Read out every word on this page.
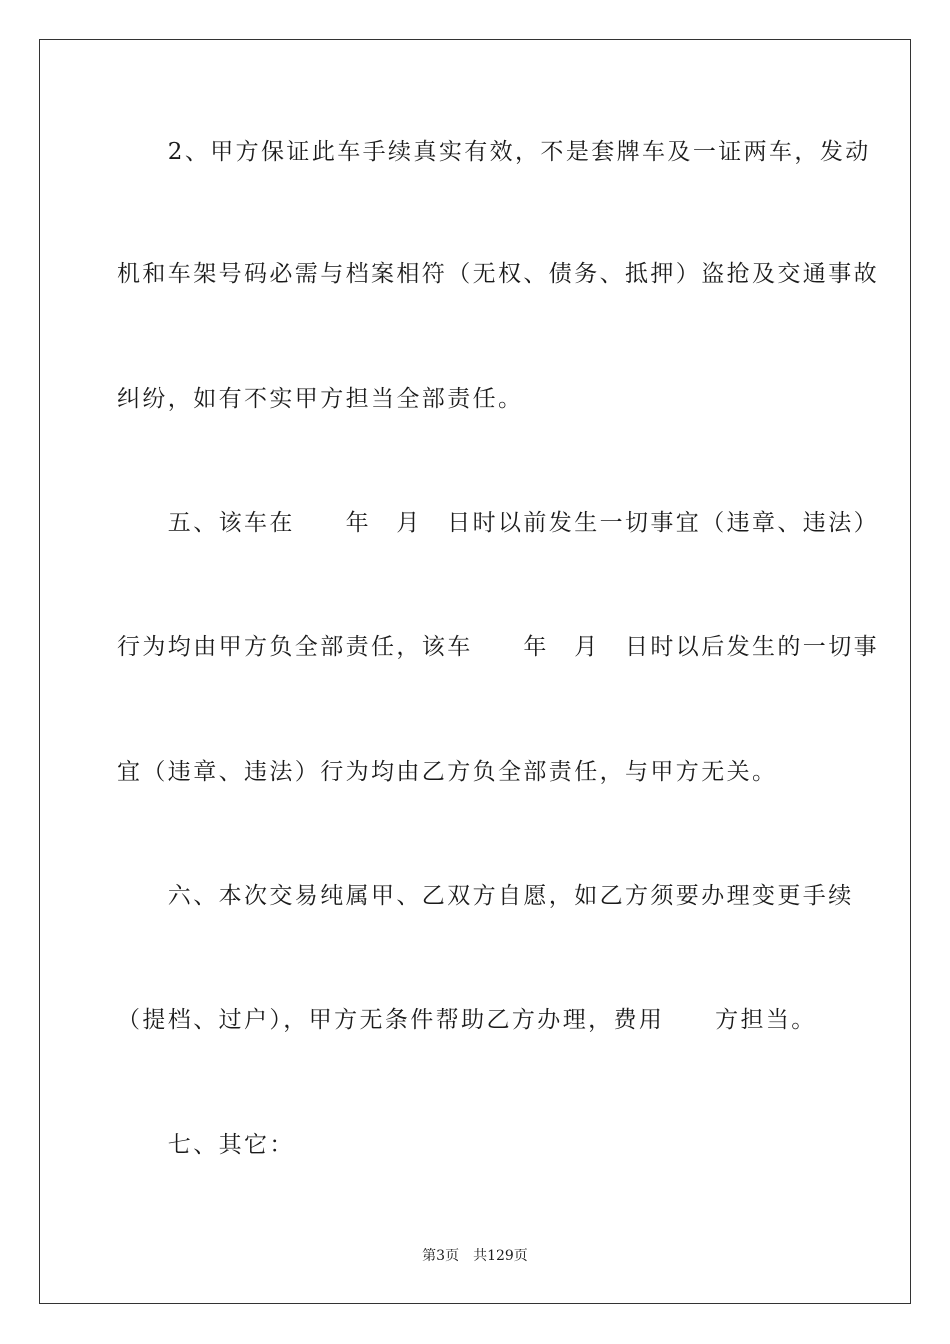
　　2、甲方保证此车手续真实有效，不是套牌车及一证两车，发动
机和车架号码必需与档案相符（无权、债务、抵押）盗抢及交通事故
纠纷，如有不实甲方担当全部责任。
　　五、该车在　　年　月　日时以前发生一切事宜（违章、违法）
行为均由甲方负全部责任，该车　　年　月　日时以后发生的一切事
宜（违章、违法）行为均由乙方负全部责任，与甲方无关。
　　六、本次交易纯属甲、乙双方自愿，如乙方须要办理变更手续
（提档、过户），甲方无条件帮助乙方办理，费用　　方担当。
　　七、其它：
第3页　共129页
